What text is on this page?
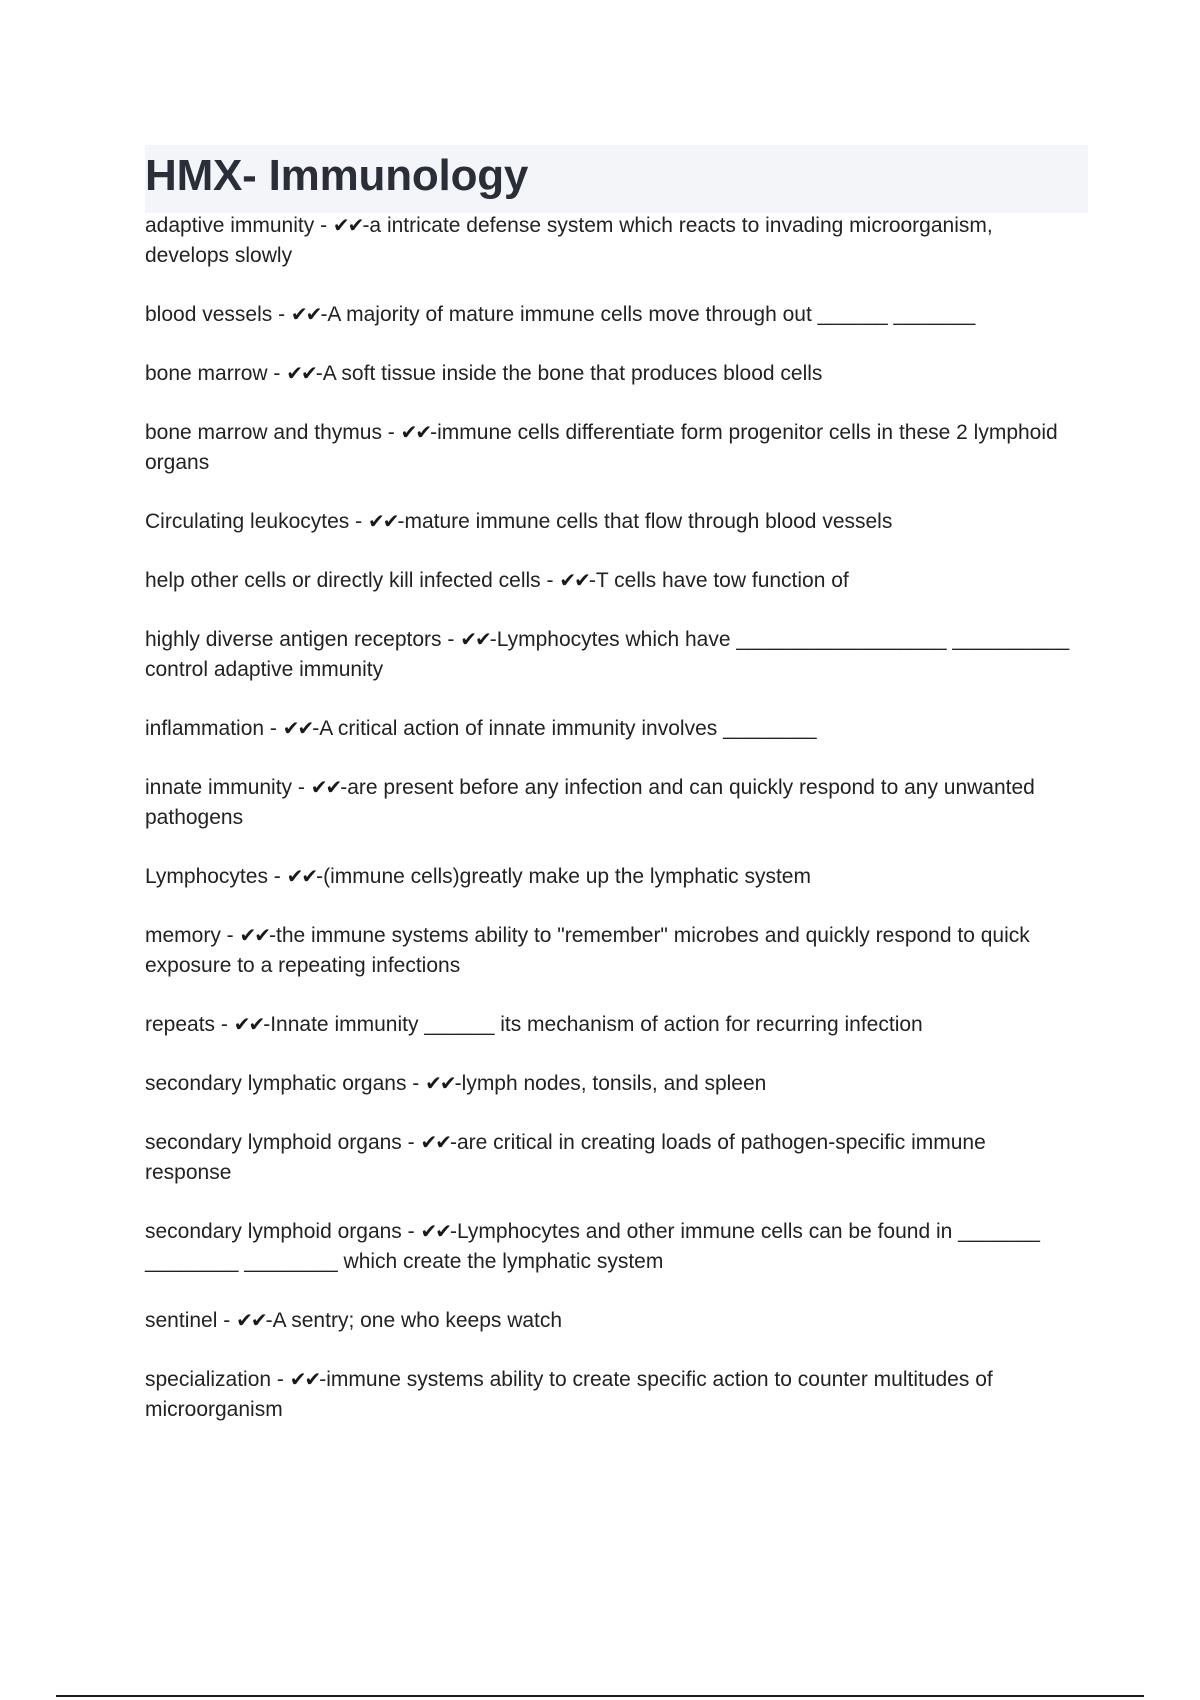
HMX- Immunology

adaptive immunity - ✔✔-a intricate defense system which reacts to invading microorganism, develops slowly

blood vessels - ✔✔-A majority of mature immune cells move through out ______ _______

bone marrow - ✔✔-A soft tissue inside the bone that produces blood cells

bone marrow and thymus - ✔✔-immune cells differentiate form progenitor cells in these 2 lymphoid organs

Circulating leukocytes - ✔✔-mature immune cells that flow through blood vessels

help other cells or directly kill infected cells - ✔✔-T cells have tow function of

highly diverse antigen receptors - ✔✔-Lymphocytes which have __________________ __________ control adaptive immunity

inflammation - ✔✔-A critical action of innate immunity involves ________

innate immunity - ✔✔-are present before any infection and can quickly respond to any unwanted pathogens

Lymphocytes - ✔✔-(immune cells)greatly make up the lymphatic system

memory - ✔✔-the immune systems ability to "remember" microbes and quickly respond to quick exposure to a repeating infections

repeats - ✔✔-Innate immunity ______ its mechanism of action for recurring infection

secondary lymphatic organs - ✔✔-lymph nodes, tonsils, and spleen

secondary lymphoid organs - ✔✔-are critical in creating loads of pathogen-specific immune response

secondary lymphoid organs - ✔✔-Lymphocytes and other immune cells can be found in _______ ________ ________ which create the lymphatic system

sentinel - ✔✔-A sentry; one who keeps watch

specialization - ✔✔-immune systems ability to create specific action to counter multitudes of microorganism
